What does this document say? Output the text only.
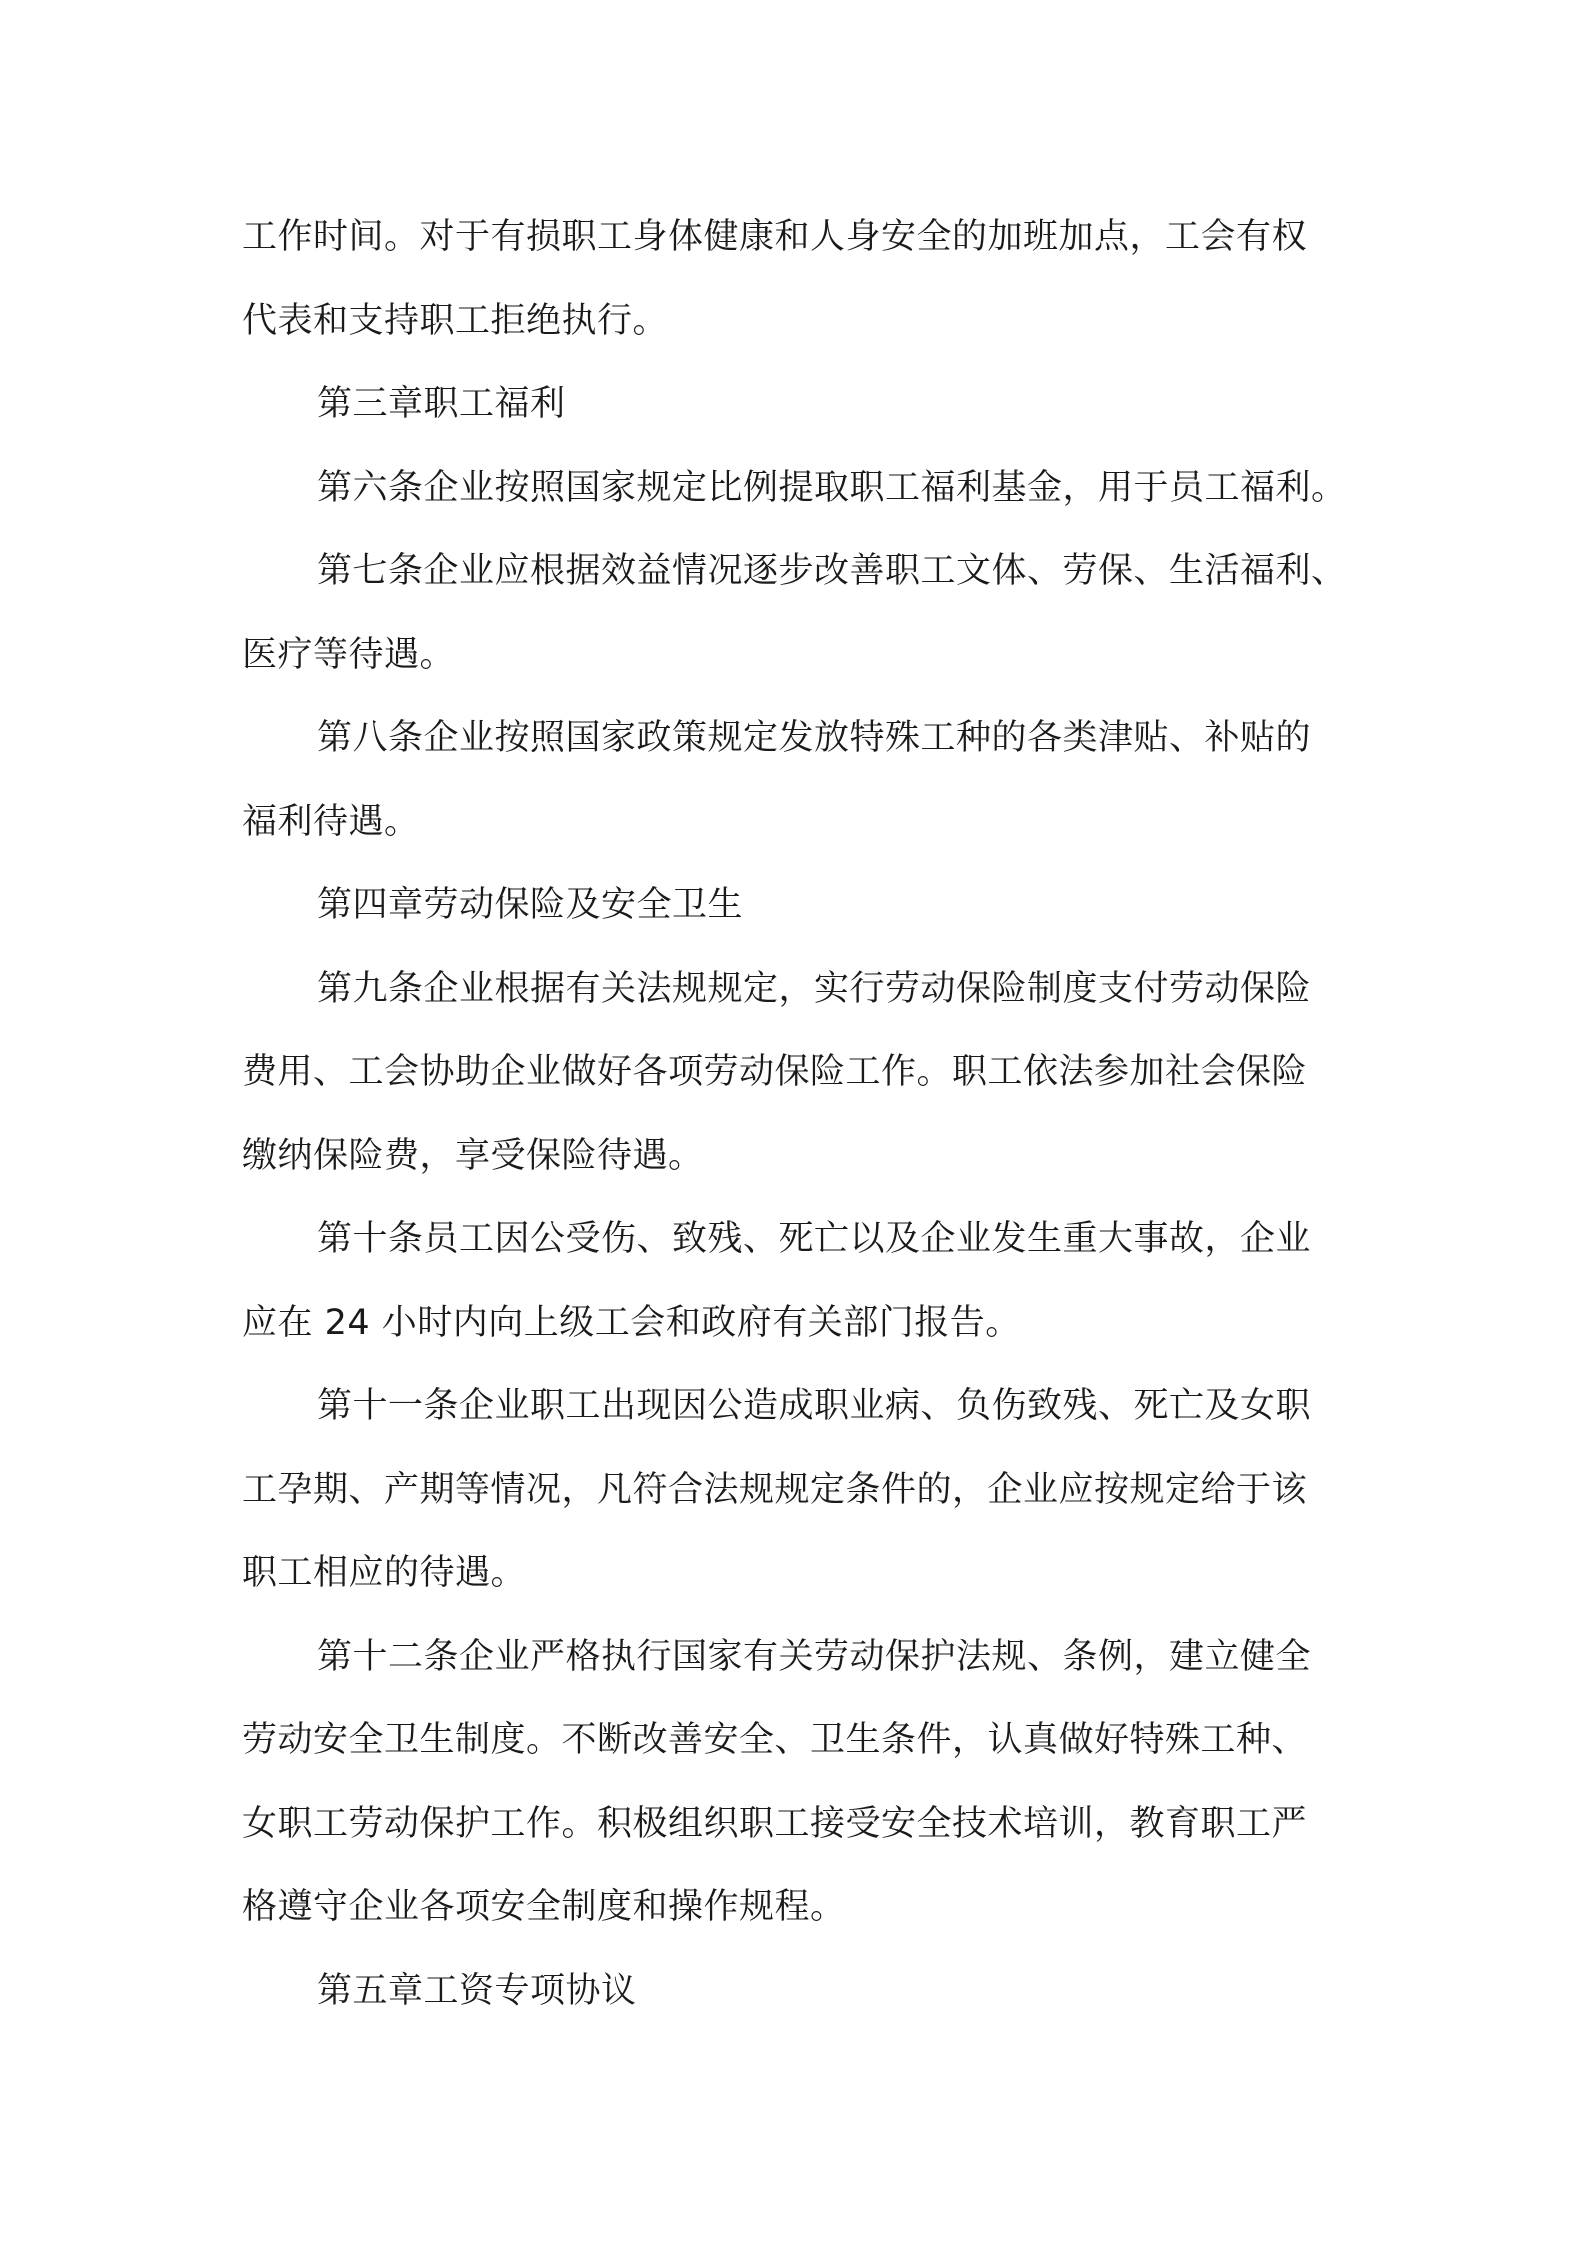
工作时间。对于有损职工身体健康和人身安全的加班加点，工会有权
代表和支持职工拒绝执行。
第三章职工福利
第六条企业按照国家规定比例提取职工福利基金，用于员工福利。
第七条企业应根据效益情况逐步改善职工文体、劳保、生活福利、
医疗等待遇。
第八条企业按照国家政策规定发放特殊工种的各类津贴、补贴的
福利待遇。
第四章劳动保险及安全卫生
第九条企业根据有关法规规定，实行劳动保险制度支付劳动保险
费用、工会协助企业做好各项劳动保险工作。职工依法参加社会保险
缴纳保险费，享受保险待遇。
第十条员工因公受伤、致残、死亡以及企业发生重大事故，企业
应在 24 小时内向上级工会和政府有关部门报告。
第十一条企业职工出现因公造成职业病、负伤致残、死亡及女职
工孕期、产期等情况，凡符合法规规定条件的，企业应按规定给于该
职工相应的待遇。
第十二条企业严格执行国家有关劳动保护法规、条例，建立健全
劳动安全卫生制度。不断改善安全、卫生条件，认真做好特殊工种、
女职工劳动保护工作。积极组织职工接受安全技术培训，教育职工严
格遵守企业各项安全制度和操作规程。
第五章工资专项协议
